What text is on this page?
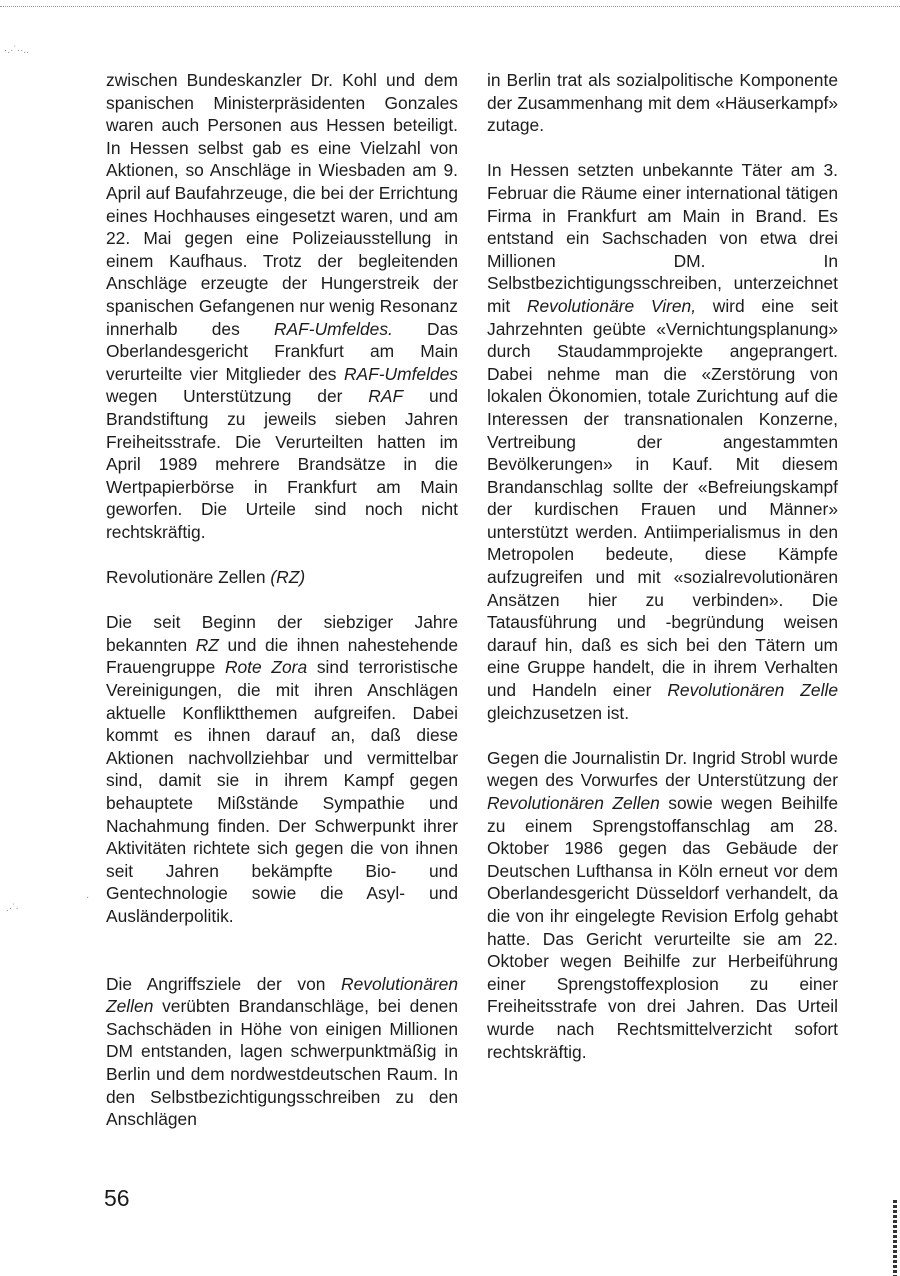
·.·˙··..
.·˙·
·

zwischen Bundeskanzler Dr. Kohl und dem spanischen Ministerpräsidenten Gonzales waren auch Personen aus Hessen beteiligt. In Hessen selbst gab es eine Vielzahl von Aktionen, so Anschläge in Wiesbaden am 9. April auf Baufahrzeuge, die bei der Errichtung eines Hochhauses eingesetzt waren, und am 22. Mai gegen eine Polizeiausstellung in einem Kaufhaus. Trotz der begleitenden Anschläge erzeugte der Hungerstreik der spanischen Gefangenen nur wenig Resonanz innerhalb des RAF-Umfeldes. Das Oberlandesgericht Frankfurt am Main verurteilte vier Mitglieder des RAF-Umfeldes wegen Unterstützung der RAF und Brandstiftung zu jeweils sieben Jahren Freiheitsstrafe. Die Verurteilten hatten im April 1989 mehrere Brandsätze in die Wertpapierbörse in Frankfurt am Main geworfen. Die Urteile sind noch nicht rechtskräftig.

Revolutionäre Zellen (RZ)

Die seit Beginn der siebziger Jahre bekannten RZ und die ihnen nahestehende Frauengruppe Rote Zora sind terroristische Vereinigungen, die mit ihren Anschlägen aktuelle Konfliktthemen aufgreifen. Dabei kommt es ihnen darauf an, daß diese Aktionen nachvollziehbar und vermittelbar sind, damit sie in ihrem Kampf gegen behauptete Mißstände Sympathie und Nachahmung finden. Der Schwerpunkt ihrer Aktivitäten richtete sich gegen die von ihnen seit Jahren bekämpfte Bio- und Gentechnologie sowie die Asyl- und Ausländerpolitik.

Die Angriffsziele der von Revolutionären Zellen verübten Brandanschläge, bei denen Sachschäden in Höhe von einigen Millionen DM entstanden, lagen schwerpunktmäßig in Berlin und dem nordwestdeutschen Raum. In den Selbstbezichtigungsschreiben zu den Anschlägen

in Berlin trat als sozialpolitische Komponente der Zusammenhang mit dem «Häuserkampf» zutage.

In Hessen setzten unbekannte Täter am 3. Februar die Räume einer international tätigen Firma in Frankfurt am Main in Brand. Es entstand ein Sachschaden von etwa drei Millionen DM. In Selbstbezichtigungsschreiben, unterzeichnet mit Revolutionäre Viren, wird eine seit Jahrzehnten geübte «Vernichtungsplanung» durch Staudammprojekte angeprangert. Dabei nehme man die «Zerstörung von lokalen Ökonomien, totale Zurichtung auf die Interessen der transnationalen Konzerne, Vertreibung der angestammten Bevölkerungen» in Kauf. Mit diesem Brandanschlag sollte der «Befreiungskampf der kurdischen Frauen und Männer» unterstützt werden. Antiimperialismus in den Metropolen bedeute, diese Kämpfe aufzugreifen und mit «sozialrevolutionären Ansätzen hier zu verbinden». Die Tatausführung und -begründung weisen darauf hin, daß es sich bei den Tätern um eine Gruppe handelt, die in ihrem Verhalten und Handeln einer Revolutionären Zelle gleichzusetzen ist.

Gegen die Journalistin Dr. Ingrid Strobl wurde wegen des Vorwurfes der Unterstützung der Revolutionären Zellen sowie wegen Beihilfe zu einem Sprengstoffanschlag am 28. Oktober 1986 gegen das Gebäude der Deutschen Lufthansa in Köln erneut vor dem Oberlandesgericht Düsseldorf verhandelt, da die von ihr eingelegte Revision Erfolg gehabt hatte. Das Gericht verurteilte sie am 22. Oktober wegen Beihilfe zur Herbeiführung einer Sprengstoffexplosion zu einer Freiheitsstrafe von drei Jahren. Das Urteil wurde nach Rechtsmittelverzicht sofort rechtskräftig.

56
